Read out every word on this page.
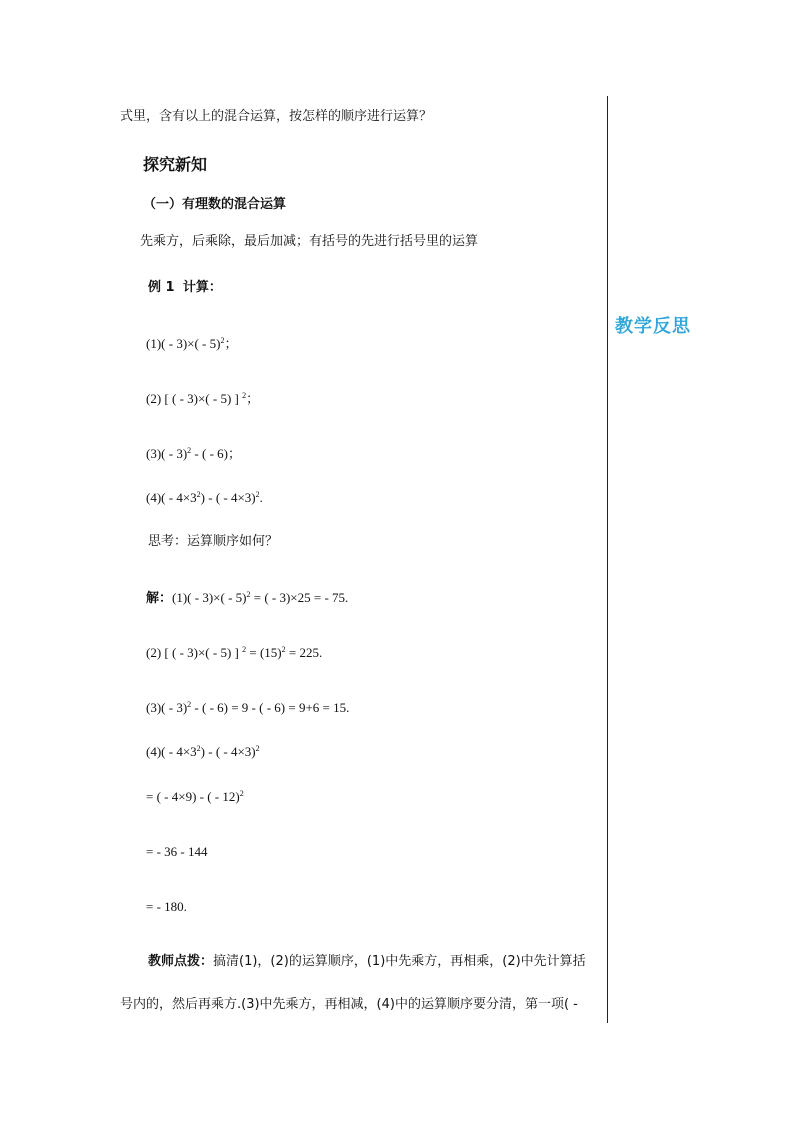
教学反思
式里，含有以上的混合运算，按怎样的顺序进行运算？
探究新知
（一）有理数的混合运算
先乘方，后乘除，最后加减；有括号的先进行括号里的运算
例 1 计算：
(1)( - 3)×( - 5)$^2$；
(2) [ ( - 3)×( - 5) ] $^2$；
(3)( - 3)$^2$ - ( - 6)；
$(4)( - 4\times 3^2)$ - ( - 4×3)$^2$.
思考：运算顺序如何？
解：(1)( - 3)×( - 5)$^2$ = ( - 3)×25 = - 75.
(2) [ ( - 3)×( - 5) ] $^2 = (15)^2 = 225$.
(3)( - 3)$^2$ - ( - 6) = 9 - ( - 6) = 9+6 = 15.
$(4)( - 4\times 3^2)$ - ( - 4×3)$^2$
= ( - 4×9) - ( - 12)$^2$
= - 36 - 144
= - 180.
教师点拨：搞清(1)，(2)的运算顺序，(1)中先乘方，再相乘，(2)中先计算括
号内的，然后再乘方.(3)中先乘方，再相减，(4)中的运算顺序要分清，第一项( -
